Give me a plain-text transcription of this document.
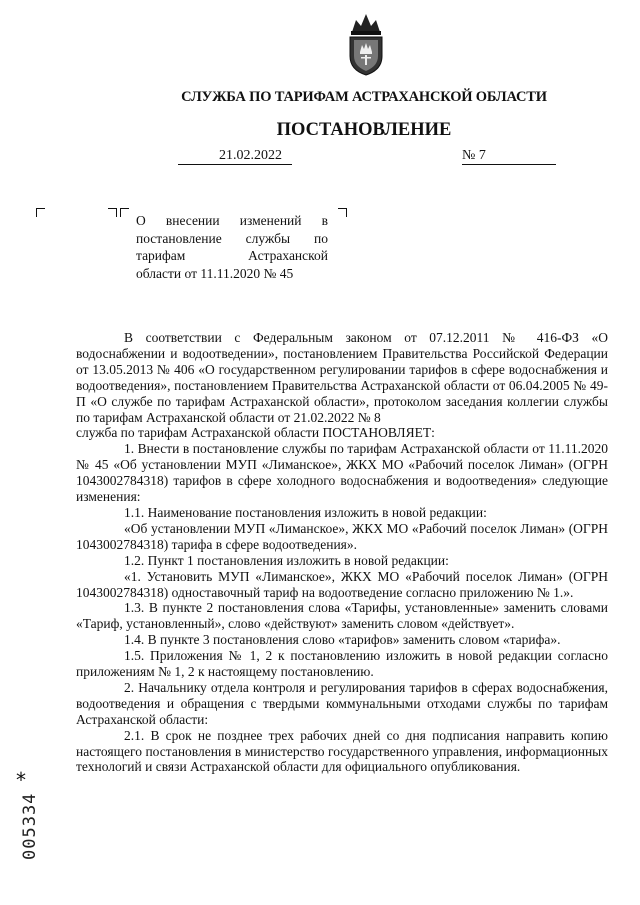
СЛУЖБА ПО ТАРИФАМ АСТРАХАНСКОЙ ОБЛАСТИ
ПОСТАНОВЛЕНИЕ
21.02.2022	№ 7
О внесении изменений в
постановление службы по
тарифам Астраханской
области от 11.11.2020 № 45

В соответствии с Федеральным законом от 07.12.2011 № 416-ФЗ «О водоснабжении и водоотведении», постановлением Правительства Российской Федерации от 13.05.2013 № 406 «О государственном регулировании тарифов в сфере водоснабжения и водоотведения», постановлением Правительства Астраханской области от 06.04.2005 № 49-П «О службе по тарифам Астраханской области», протоколом заседания коллегии службы по тарифам Астраханской области от 21.02.2022 № 8

служба по тарифам Астраханской области ПОСТАНОВЛЯЕТ:

1. Внести в постановление службы по тарифам Астраханской области от 11.11.2020 № 45 «Об установлении МУП «Лиманское», ЖКХ МО «Рабочий поселок Лиман» (ОГРН 1043002784318) тарифов в сфере холодного водоснабжения и водоотведения» следующие изменения:

1.1. Наименование постановления изложить в новой редакции:

«Об установлении МУП «Лиманское», ЖКХ МО «Рабочий поселок Лиман» (ОГРН 1043002784318) тарифа в сфере водоотведения».

1.2. Пункт 1 постановления изложить в новой редакции:

«1. Установить МУП «Лиманское», ЖКХ МО «Рабочий поселок Лиман» (ОГРН 1043002784318) одноставочный тариф на водоотведение согласно приложению № 1.».

1.3. В пункте 2 постановления слова «Тарифы, установленные» заменить словами «Тариф, установленный», слово «действуют» заменить словом «действует».

1.4. В пункте 3 постановления слово «тарифов» заменить словом «тарифа».

1.5. Приложения № 1, 2 к постановлению изложить в новой редакции согласно приложениям № 1, 2 к настоящему постановлению.

2. Начальнику отдела контроля и регулирования тарифов в сферах водоснабжения, водоотведения и обращения с твердыми коммунальными отходами службы по тарифам Астраханской области:

2.1. В срок не позднее трех рабочих дней со дня подписания направить копию настоящего постановления в министерство государственного управления, информационных технологий и связи Астраханской области для официального опубликования.

*
005334
